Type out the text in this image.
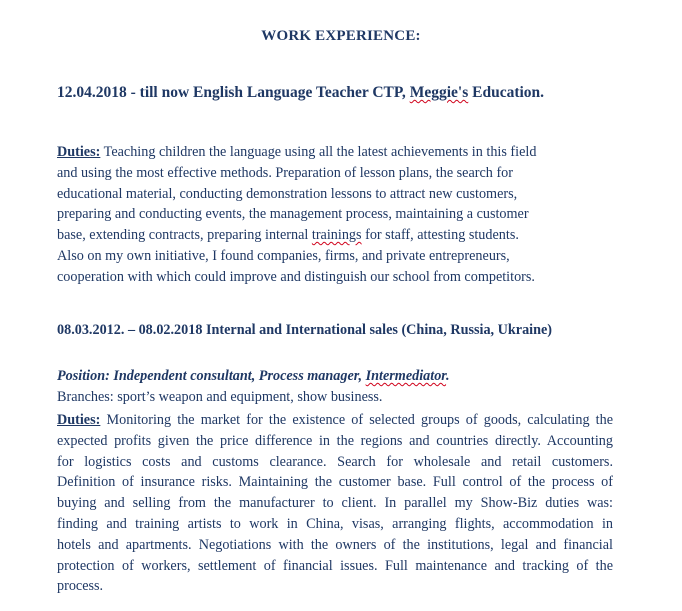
WORK EXPERIENCE:
12.04.2018 - till now English Language Teacher CTP, Meggie's Education.
Duties: Teaching children the language using all the latest achievements in this field
and using the most effective methods. Preparation of lesson plans, the search for
educational material, conducting demonstration lessons to attract new customers,
preparing and conducting events, the management process, maintaining a customer
base, extending contracts, preparing internal trainings for staff, attesting students.
Also on my own initiative, I found companies, firms, and private entrepreneurs,
cooperation with which could improve and distinguish our school from competitors.
08.03.2012. – 08.02.2018 Internal and International sales (China, Russia, Ukraine)
Position: Independent consultant, Process manager, Intermediator.
Branches: sport’s weapon and equipment, show business.
Duties: Monitoring the market for the existence of selected groups of goods, calculating the
expected profits given the price difference in the regions and countries directly. Accounting
for logistics costs and customs clearance. Search for wholesale and retail customers.
Definition of insurance risks. Maintaining the customer base. Full control of the process of
buying and selling from the manufacturer to client. In parallel my Show-Biz duties was:
finding and training artists to work in China, visas, arranging flights, accommodation in
hotels and apartments. Negotiations with the owners of the institutions, legal and financial
protection of workers, settlement of financial issues. Full maintenance and tracking of the
process.
